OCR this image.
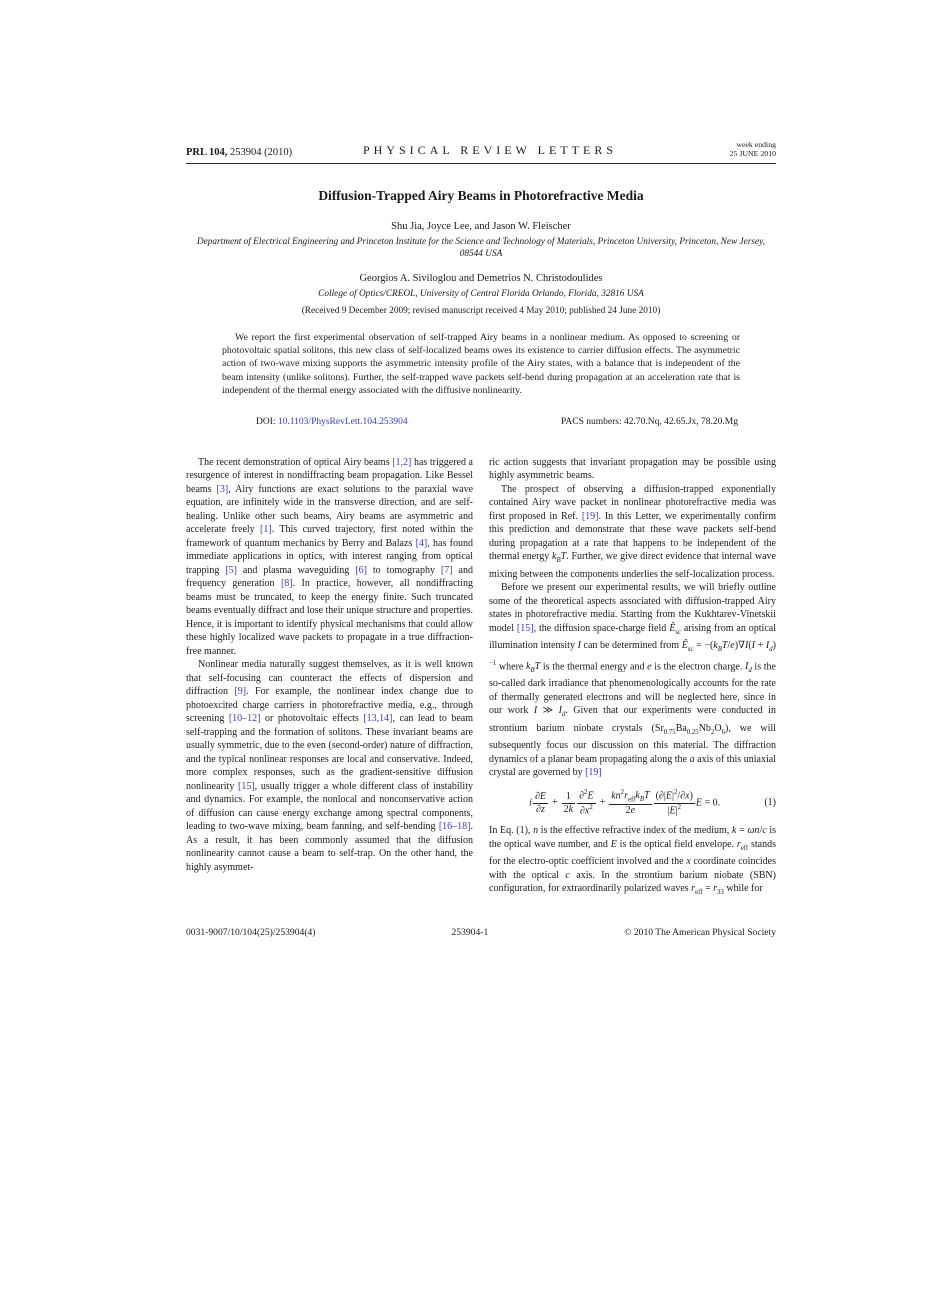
PRL 104, 253904 (2010)	PHYSICAL REVIEW LETTERS	week ending
25 JUNE 2010
Diffusion-Trapped Airy Beams in Photorefractive Media
Shu Jia, Joyce Lee, and Jason W. Fleischer
Department of Electrical Engineering and Princeton Institute for the Science and Technology of Materials, Princeton University, Princeton, New Jersey, 08544 USA
Georgios A. Siviloglou and Demetrios N. Christodoulides
College of Optics/CREOL, University of Central Florida Orlando, Florida, 32816 USA
(Received 9 December 2009; revised manuscript received 4 May 2010; published 24 June 2010)
We report the first experimental observation of self-trapped Airy beams in a nonlinear medium. As opposed to screening or photovoltaic spatial solitons, this new class of self-localized beams owes its existence to carrier diffusion effects. The asymmetric action of two-wave mixing supports the asymmetric intensity profile of the Airy states, with a balance that is independent of the beam intensity (unlike solitons). Further, the self-trapped wave packets self-bend during propagation at an acceleration rate that is independent of the thermal energy associated with the diffusive nonlinearity.
DOI: 10.1103/PhysRevLett.104.253904	PACS numbers: 42.70.Nq, 42.65.Jx, 78.20.Mg

The recent demonstration of optical Airy beams [1,2] has triggered a resurgence of interest in nondiffracting beam propagation. Like Bessel beams [3], Airy functions are exact solutions to the paraxial wave equation, are infinitely wide in the transverse direction, and are self-healing. Unlike other such beams, Airy beams are asymmetric and accelerate freely [1]. This curved trajectory, first noted within the framework of quantum mechanics by Berry and Balazs [4], has found immediate applications in optics, with interest ranging from optical trapping [5] and plasma waveguiding [6] to tomography [7] and frequency generation [8]. In practice, however, all nondiffracting beams must be truncated, to keep the energy finite. Such truncated beams eventually diffract and lose their unique structure and properties. Hence, it is important to identify physical mechanisms that could allow these highly localized wave packets to propagate in a true diffraction-free manner.

Nonlinear media naturally suggest themselves, as it is well known that self-focusing can counteract the effects of dispersion and diffraction [9]. For example, the nonlinear index change due to photoexcited charge carriers in photorefractive media, e.g., through screening [10–12] or photovoltaic effects [13,14], can lead to beam self-trapping and the formation of solitons. These invariant beams are usually symmetric, due to the even (second-order) nature of diffraction, and the typical nonlinear responses are local and conservative. Indeed, more complex responses, such as the gradient-sensitive diffusion nonlinearity [15], usually trigger a whole different class of instability and dynamics. For example, the nonlocal and nonconservative action of diffusion can cause energy exchange among spectral components, leading to two-wave mixing, beam fanning, and self-bending [16–18]. As a result, it has been commonly assumed that the diffusion nonlinearity cannot cause a beam to self-trap. On the other hand, the highly asymmet-

ric action suggests that invariant propagation may be possible using highly asymmetric beams.

The prospect of observing a diffusion-trapped exponentially contained Airy wave packet in nonlinear photorefractive media was first proposed in Ref. [19]. In this Letter, we experimentally confirm this prediction and demonstrate that these wave packets self-bend during propagation at a rate that happens to be independent of the thermal energy $k_BT$. Further, we give direct evidence that internal wave mixing between the components underlies the self-localization process.

Before we present our experimental results, we will briefly outline some of the theoretical aspects associated with diffusion-trapped Airy states in photorefractive media. Starting from the Kukhtarev-Vinetskii model [15], the diffusion space-charge field $Ê_{sc}$ arising from an optical illumination intensity I can be determined from $Ê_{sc} = -(k_BT/e)\nabla I(I + I_d)^{-1}$ where $k_BT$ is the thermal energy and e is the electron charge. $I_d$ is the so-called dark irradiance that phenomenologically accounts for the rate of thermally generated electrons and will be neglected here, since in our work I ≫ $I_d$. Given that our experiments were conducted in strontium barium niobate crystals $(Sr_{0.75}Ba_{0.25}Nb_2O_6)$, we will subsequently focus our discussion on this material. The diffraction dynamics of a planar beam propagating along the a axis of this uniaxial crystal are governed by [19]

i $\frac{\partial E}{\partial z} + \frac{1}{2k} \frac{\partial^2E}{\partial x^2} + \frac{kn^2r_{eff}k_BT}{2e} \frac{(\partial|E|^2/\partial x)}{|E|^2}$ E = 0.	(1)

In Eq. (1), n is the effective refractive index of the medium, k = ωn/c is the optical wave number, and E is the optical field envelope. $r_{eff}$ stands for the electro-optic coefficient involved and the x coordinate coincides with the optical c axis. In the strontium barium niobate (SBN) configuration, for extraordinarily polarized waves $r_{eff} = r_{33}$ while for

0031-9007/10/104(25)/253904(4)	253904-1	© 2010 The American Physical Society
